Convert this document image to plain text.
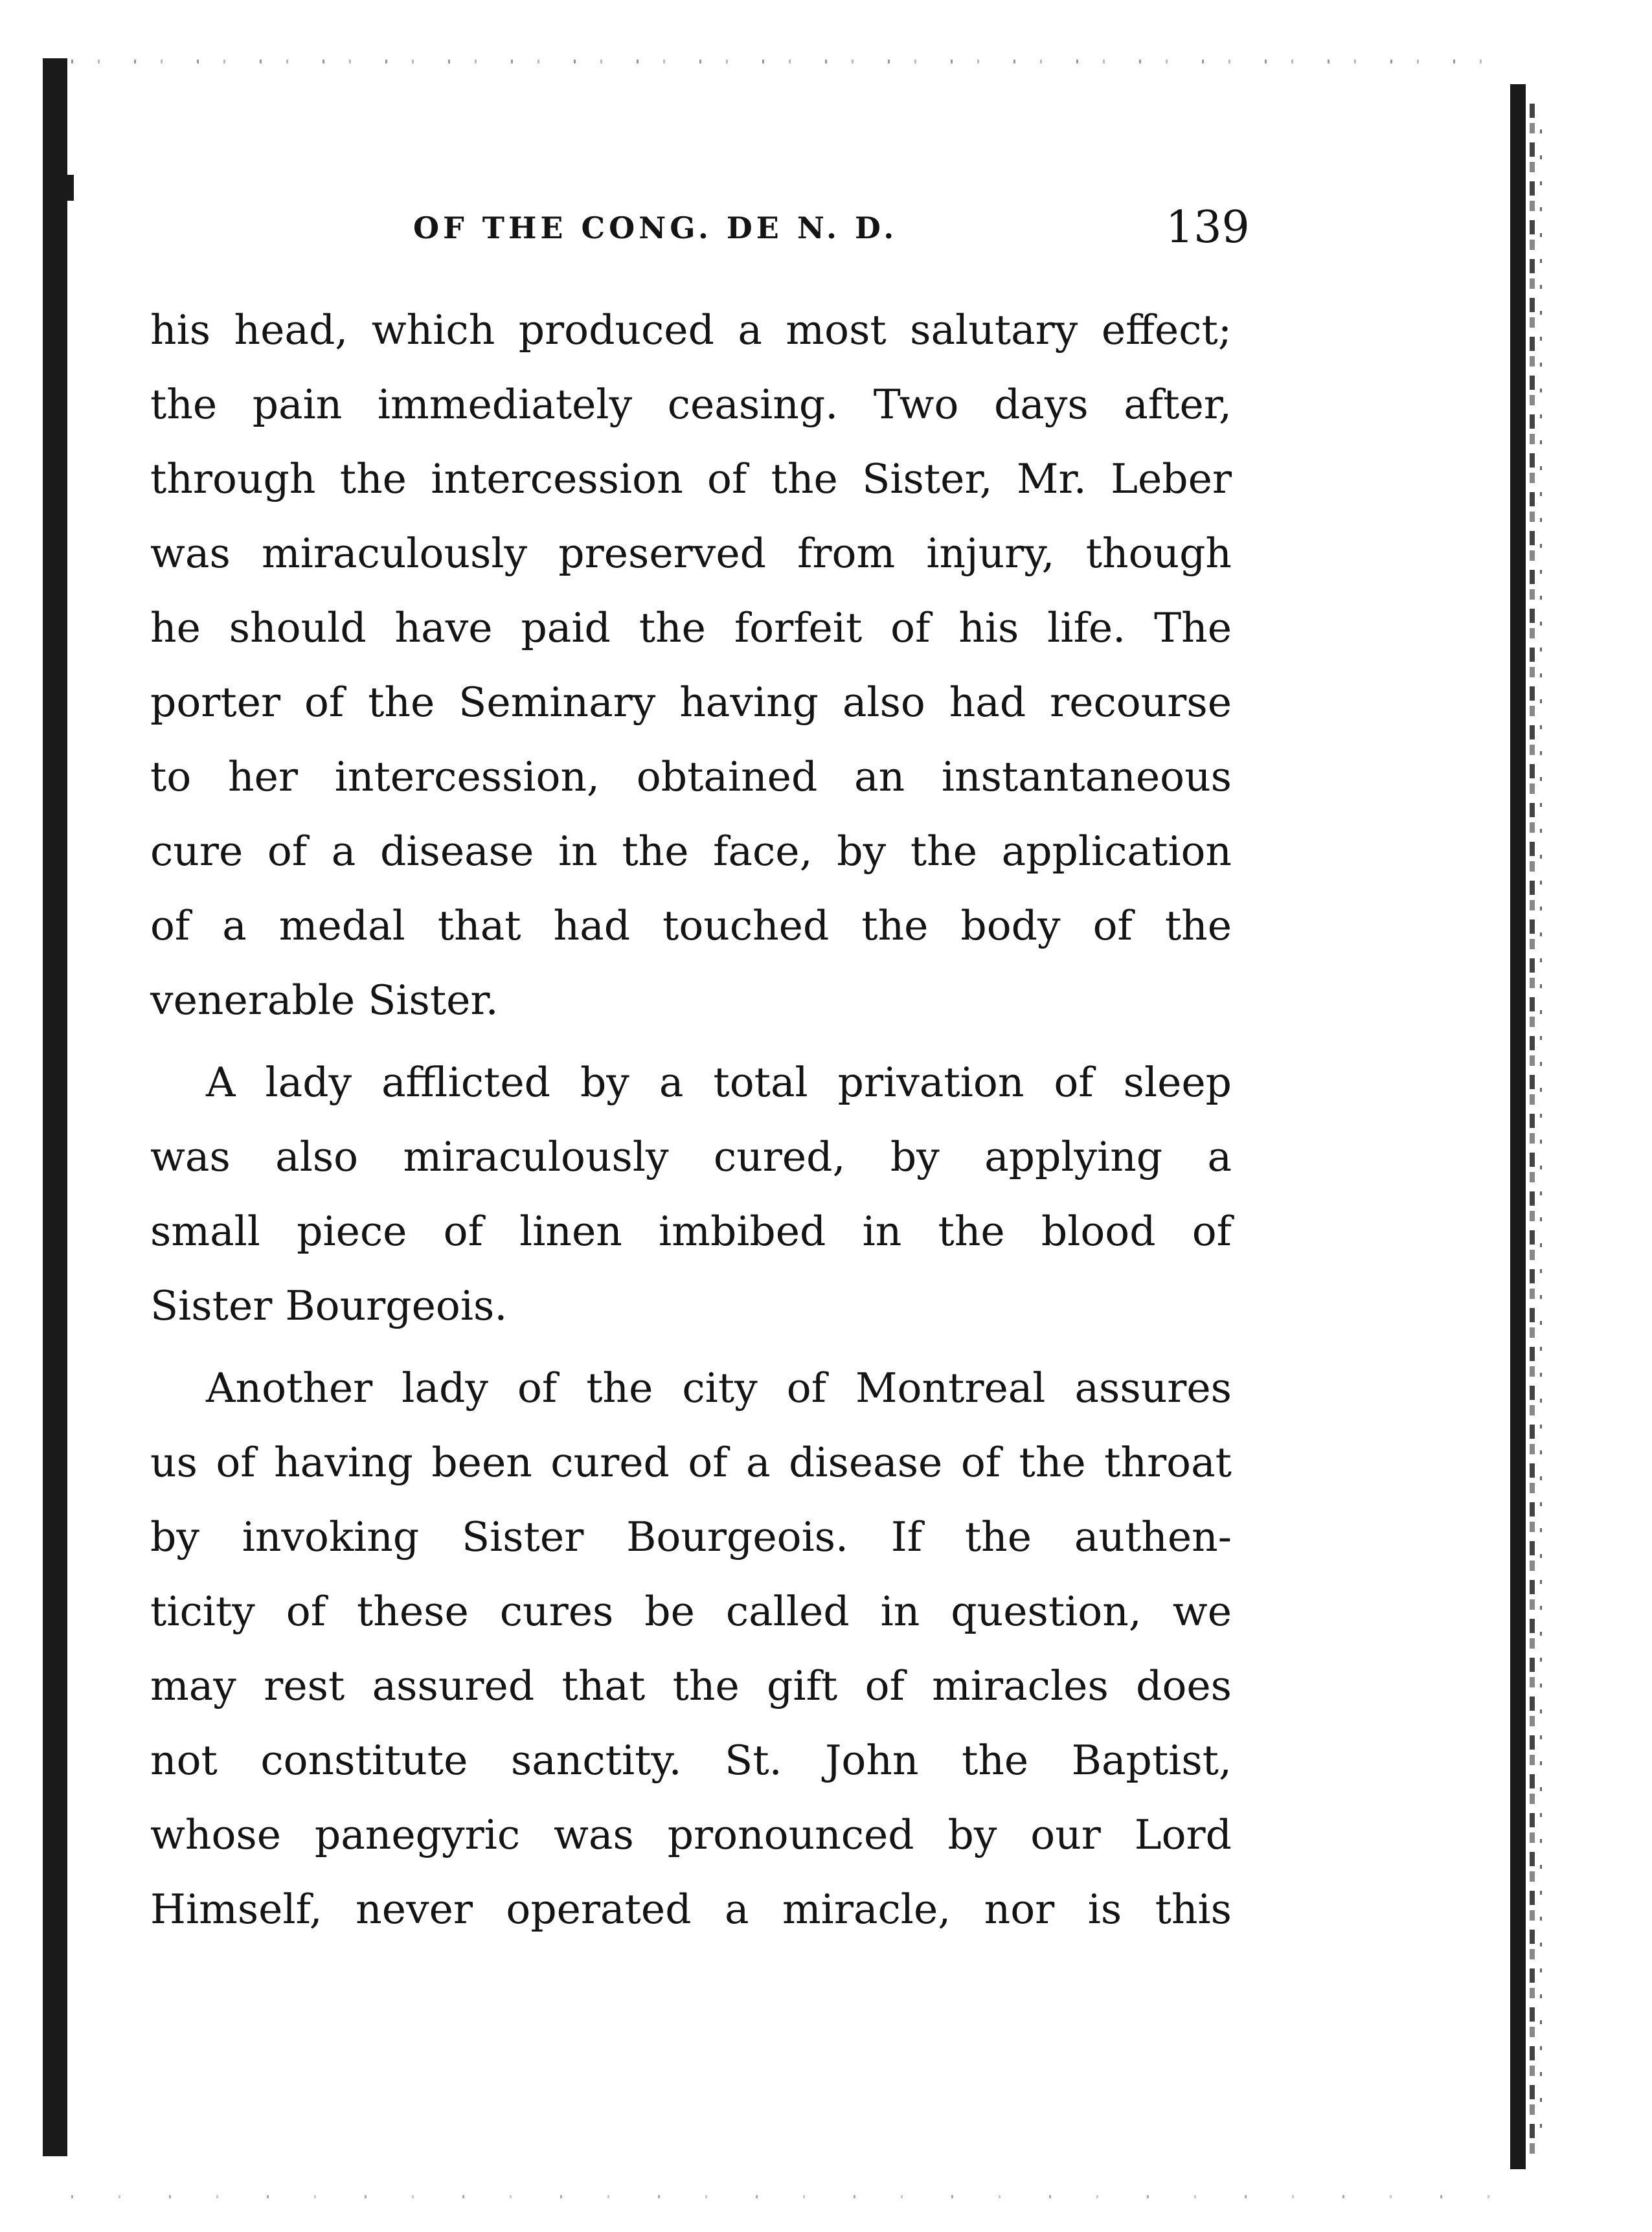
OF THE CONG. DE N. D.	139
his head, which produced a most salutary effect;
the pain immediately ceasing. Two days after,
through the intercession of the Sister, Mr. Leber
was miraculously preserved from injury, though
he should have paid the forfeit of his life. The
porter of the Seminary having also had recourse
to her intercession, obtained an instantaneous
cure of a disease in the face, by the application
of a medal that had touched the body of the
venerable Sister.
A lady afflicted by a total privation of sleep
was also miraculously cured, by applying a
small piece of linen imbibed in the blood of
Sister Bourgeois.
Another lady of the city of Montreal assures
us of having been cured of a disease of the throat
by invoking Sister Bourgeois. If the authen-
ticity of these cures be called in question, we
may rest assured that the gift of miracles does
not constitute sanctity. St. John the Baptist,
whose panegyric was pronounced by our Lord
Himself, never operated a miracle, nor is this
